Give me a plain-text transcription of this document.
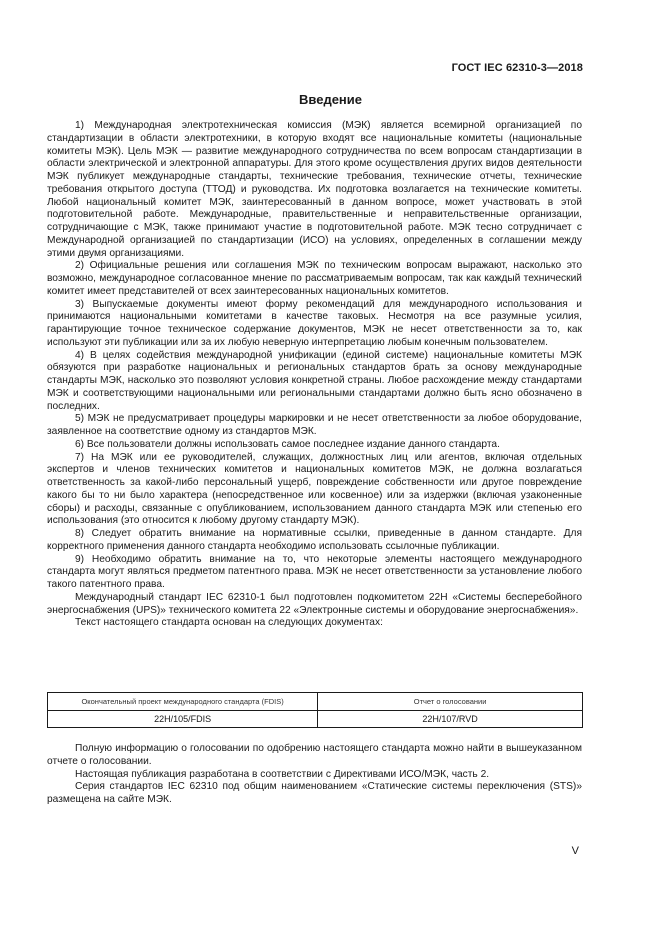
ГОСТ IEC 62310-3—2018
Введение

1) Международная электротехническая комиссия (МЭК) является всемирной организацией по стандартизации в области электротехники, в которую входят все национальные комитеты (национальные комитеты МЭК). Цель МЭК — развитие международного сотрудничества по всем вопросам стандартизации в области электрической и электронной аппаратуры. Для этого кроме осуществления других видов деятельности МЭК публикует международные стандарты, технические требования, технические отчеты, технические требования открытого доступа (ТТОД) и руководства. Их подготовка возлагается на технические комитеты. Любой национальный комитет МЭК, заинтересованный в данном вопросе, может участвовать в этой подготовительной работе. Международные, правительственные и неправительственные организации, сотрудничающие с МЭК, также принимают участие в подготовительной работе. МЭК тесно сотрудничает с Международной организацией по стандартизации (ИСО) на условиях, определенных в соглашении между этими двумя организациями.

2) Официальные решения или соглашения МЭК по техническим вопросам выражают, насколько это возможно, международное согласованное мнение по рассматриваемым вопросам, так как каждый технический комитет имеет представителей от всех заинтересованных национальных комитетов.

3) Выпускаемые документы имеют форму рекомендаций для международного использования и принимаются национальными комитетами в качестве таковых. Несмотря на все разумные усилия, гарантирующие точное техническое содержание документов, МЭК не несет ответственности за то, как используют эти публикации или за их любую неверную интерпретацию любым конечным пользователем.

4) В целях содействия международной унификации (единой системе) национальные комитеты МЭК обязуются при разработке национальных и региональных стандартов брать за основу международные стандарты МЭК, насколько это позволяют условия конкретной страны. Любое расхождение между стандартами МЭК и соответствующими национальными или региональными стандартами должно быть ясно обозначено в последних.

5) МЭК не предусматривает процедуры маркировки и не несет ответственности за любое оборудование, заявленное на соответствие одному из стандартов МЭК.

6) Все пользователи должны использовать самое последнее издание данного стандарта.

7) На МЭК или ее руководителей, служащих, должностных лиц или агентов, включая отдельных экспертов и членов технических комитетов и национальных комитетов МЭК, не должна возлагаться ответственность за какой-либо персональный ущерб, повреждение собственности или другое повреждение какого бы то ни было характера (непосредственное или косвенное) или за издержки (включая узаконенные сборы) и расходы, связанные с опубликованием, использованием данного стандарта МЭК или степенью его использования (это относится к любому другому стандарту МЭК).

8) Следует обратить внимание на нормативные ссылки, приведенные в данном стандарте. Для корректного применения данного стандарта необходимо использовать ссылочные публикации.

9) Необходимо обратить внимание на то, что некоторые элементы настоящего международного стандарта могут являться предметом патентного права. МЭК не несет ответственности за установление любого такого патентного права.

Международный стандарт IEC 62310-1 был подготовлен подкомитетом 22H «Системы бесперебойного энергоснабжения (UPS)» технического комитета 22 «Электронные системы и оборудование энергоснабжения».

Текст настоящего стандарта основан на следующих документах:

Окончательный проект международного стандарта (FDIS)	Отчет о голосовании
22H/105/FDIS	22H/107/RVD

Полную информацию о голосовании по одобрению настоящего стандарта можно найти в вышеуказанном отчете о голосовании.

Настоящая публикация разработана в соответствии с Директивами ИСО/МЭК, часть 2.

Серия стандартов IEC 62310 под общим наименованием «Статические системы переключения (STS)» размещена на сайте МЭК.

V
